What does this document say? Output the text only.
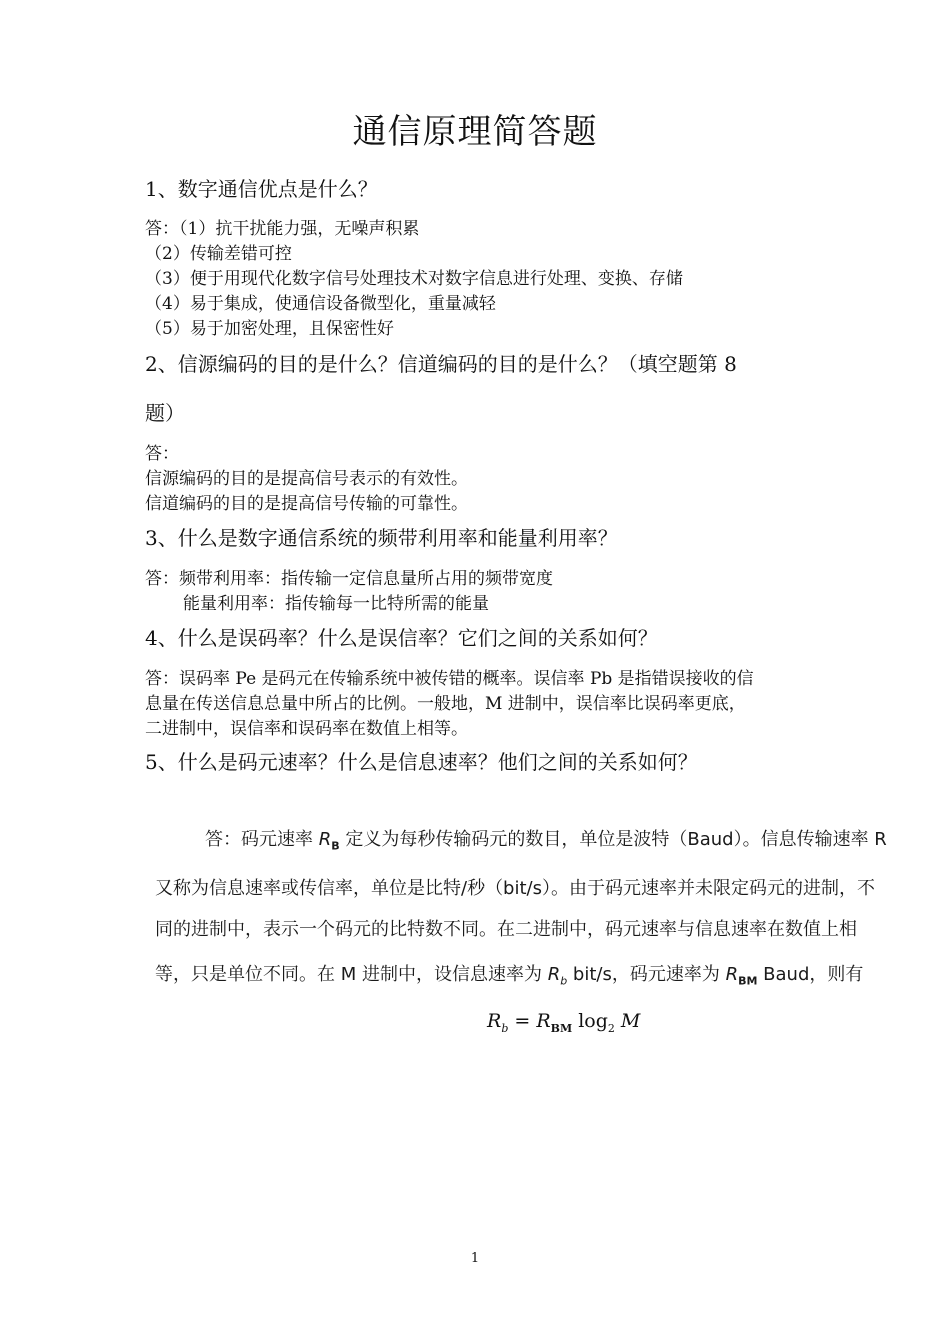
通信原理简答题
1、数字通信优点是什么？
答：（1）抗干扰能力强，无噪声积累
（2）传输差错可控
（3）便于用现代化数字信号处理技术对数字信息进行处理、变换、存储
（4）易于集成，使通信设备微型化，重量减轻
（5）易于加密处理，且保密性好
2、信源编码的目的是什么？信道编码的目的是什么？（填空题第 8
题）
答：
信源编码的目的是提高信号表示的有效性。
信道编码的目的是提高信号传输的可靠性。
3、什么是数字通信系统的频带利用率和能量利用率？
答：频带利用率：指传输一定信息量所占用的频带宽度
能量利用率：指传输每一比特所需的能量
4、什么是误码率？什么是误信率？它们之间的关系如何？
答：误码率 Pe 是码元在传输系统中被传错的概率。误信率 Pb 是指错误接收的信
息量在传送信息总量中所占的比例。一般地，M 进制中，误信率比误码率更底，
二进制中，误信率和误码率在数值上相等。
5、什么是码元速率？什么是信息速率？他们之间的关系如何？
答：码元速率 $R_B$ 定义为每秒传输码元的数目，单位是波特（Baud）。信息传输速率 R
又称为信息速率或传信率，单位是比特/秒（bit/s）。由于码元速率并未限定码元的进制，不
同的进制中，表示一个码元的比特数不同。在二进制中，码元速率与信息速率在数值上相
等，只是单位不同。在 M 进制中，设信息速率为 $R_b$ bit/s，码元速率为 $R_{BM}$ Baud，则有
$R_b = R_{BM}$ $\log_2 M$
1
